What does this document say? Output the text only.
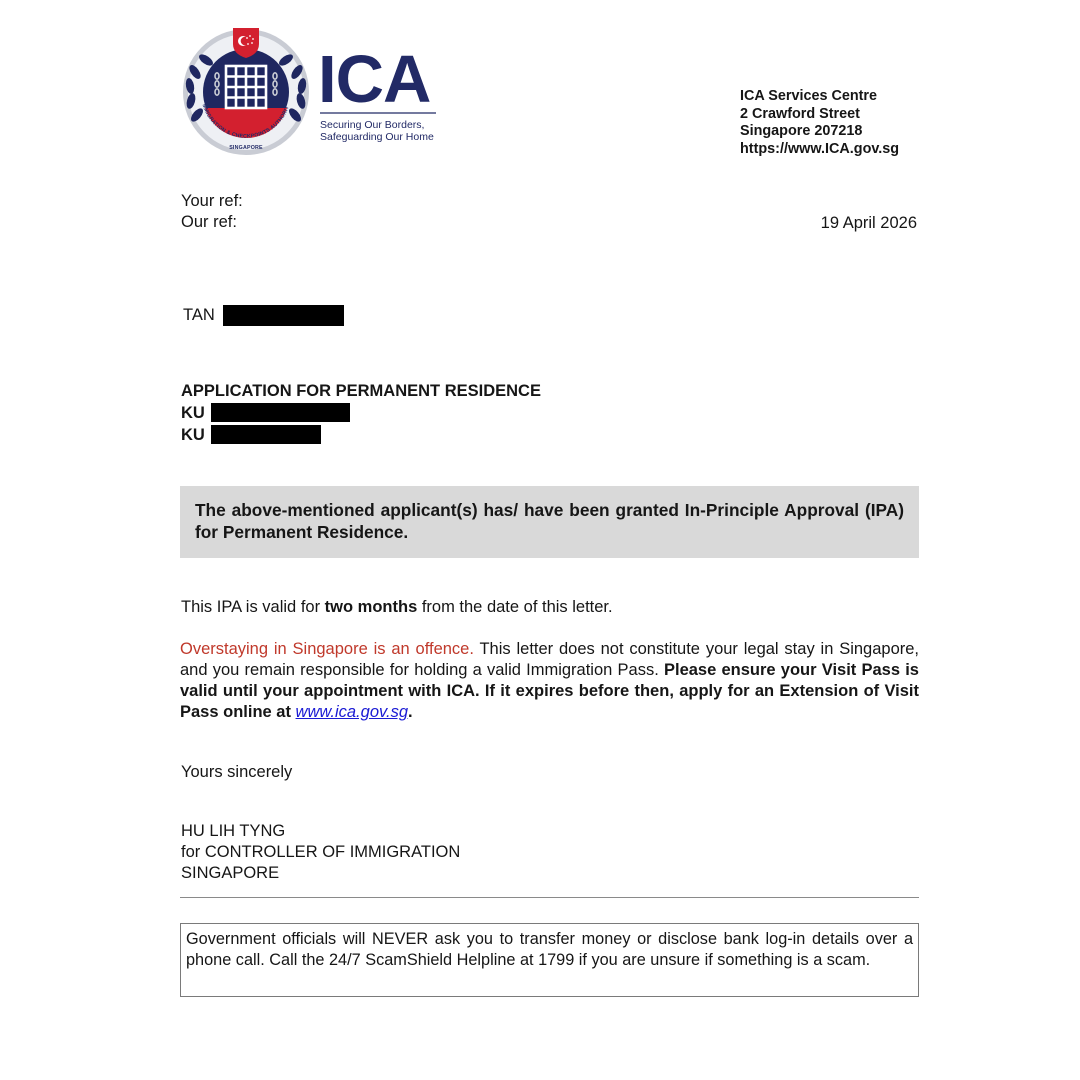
MMIGRATION & CHECKPOINTS AUTHORIT
SINGAPORE
ICA
Securing Our Borders,
Safeguarding Our Home
ICA Services Centre
2 Crawford Street
Singapore 207218
https://www.ICA.gov.sg
Your ref:
Our ref:	19 April 2026
TAN
APPLICATION FOR PERMANENT RESIDENCE
KU
KU

The above-mentioned applicant(s) has/ have been granted In-Principle Approval (IPA) for Permanent Residence.

This IPA is valid for two months from the date of this letter.

Overstaying in Singapore is an offence. This letter does not constitute your legal stay in Singapore, and you remain responsible for holding a valid Immigration Pass. Please ensure your Visit Pass is valid until your appointment with ICA. If it expires before then, apply for an Extension of Visit Pass online at www.ica.gov.sg.

Yours sincerely
HU LIH TYNG
for CONTROLLER OF IMMIGRATION
SINGAPORE

Government officials will NEVER ask you to transfer money or disclose bank log-in details over a phone call. Call the 24/7 ScamShield Helpline at 1799 if you are unsure if something is a scam.
